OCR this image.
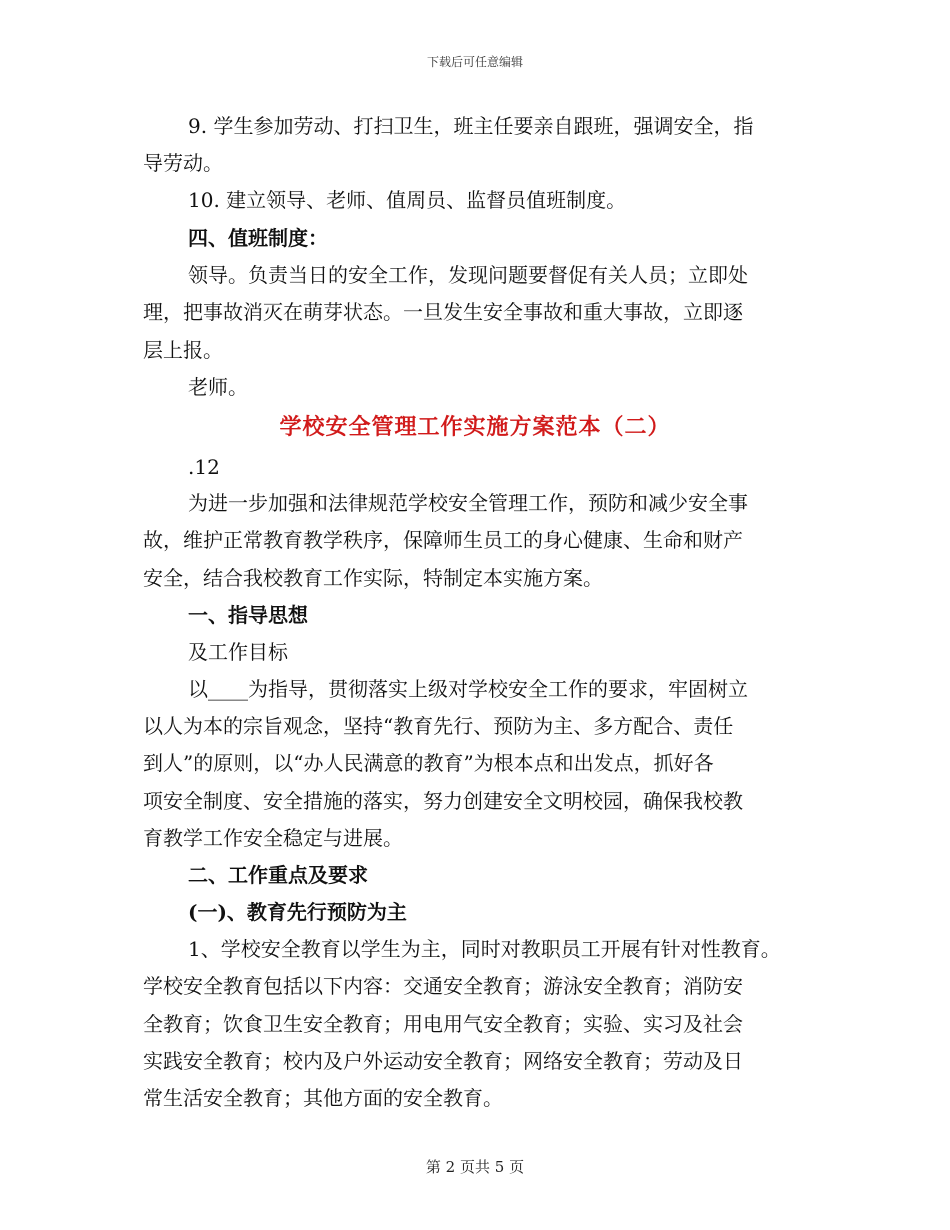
下载后可任意编辑
9. 学生参加劳动、打扫卫生，班主任要亲自跟班，强调安全，指
导劳动。
10. 建立领导、老师、值周员、监督员值班制度。
四、值班制度：
领导。负责当日的安全工作，发现问题要督促有关人员；立即处
理，把事故消灭在萌芽状态。一旦发生安全事故和重大事故，立即逐
层上报。
老师。
学校安全管理工作实施方案范本（二）
.12
为进一步加强和法律规范学校安全管理工作，预防和减少安全事
故，维护正常教育教学秩序，保障师生员工的身心健康、生命和财产
安全，结合我校教育工作实际，特制定本实施方案。
一、指导思想
及工作目标
以____为指导，贯彻落实上级对学校安全工作的要求，牢固树立
以人为本的宗旨观念，坚持“教育先行、预防为主、多方配合、责任
到人”的原则，以“办人民满意的教育”为根本点和出发点，抓好各
项安全制度、安全措施的落实，努力创建安全文明校园，确保我校教
育教学工作安全稳定与进展。
二、工作重点及要求
(一)、教育先行预防为主
1、学校安全教育以学生为主，同时对教职员工开展有针对性教育。
学校安全教育包括以下内容：交通安全教育；游泳安全教育；消防安
全教育；饮食卫生安全教育；用电用气安全教育；实验、实习及社会
实践安全教育；校内及户外运动安全教育；网络安全教育；劳动及日
常生活安全教育；其他方面的安全教育。
第 2 页共 5 页
